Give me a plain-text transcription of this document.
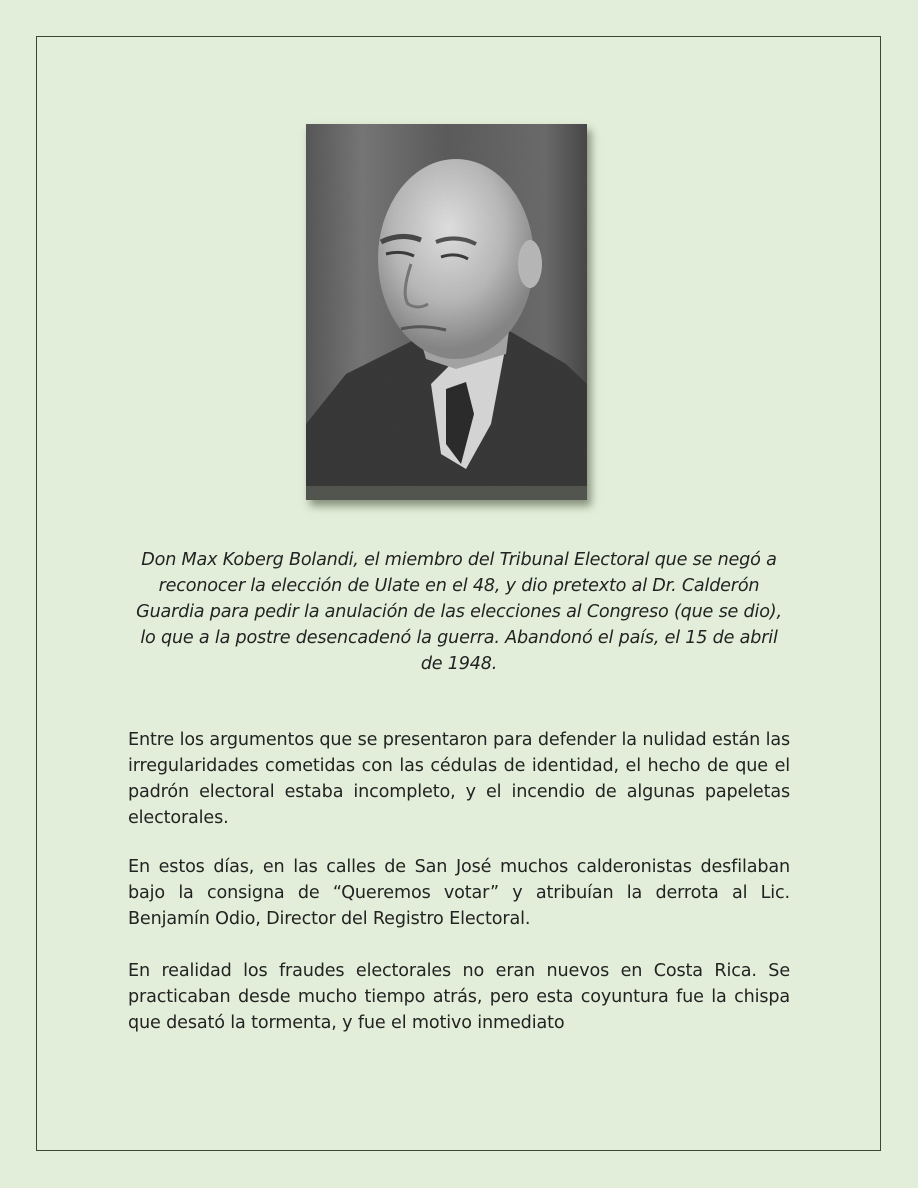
Don Max Koberg Bolandi, el miembro del Tribunal Electoral que se negó a reconocer la elección de Ulate en el 48, y dio pretexto al Dr. Calderón Guardia para pedir la anulación de las elecciones al Congreso (que se dio), lo que a la postre desencadenó la guerra. Abandonó el país, el 15 de abril de 1948.

Entre los argumentos que se presentaron para defender la nulidad están las irregularidades cometidas con las cédulas de identidad, el hecho de que el padrón electoral estaba incompleto, y el incendio de algunas papeletas electorales.

En estos días, en las calles de San José muchos calderonistas desfilaban bajo la consigna de “Queremos votar” y atribuían la derrota al Lic. Benjamín Odio, Director del Registro Electoral.

En realidad los fraudes electorales no eran nuevos en Costa Rica. Se practicaban desde mucho tiempo atrás, pero esta coyuntura fue la chispa que desató la tormenta, y fue el motivo inmediato
